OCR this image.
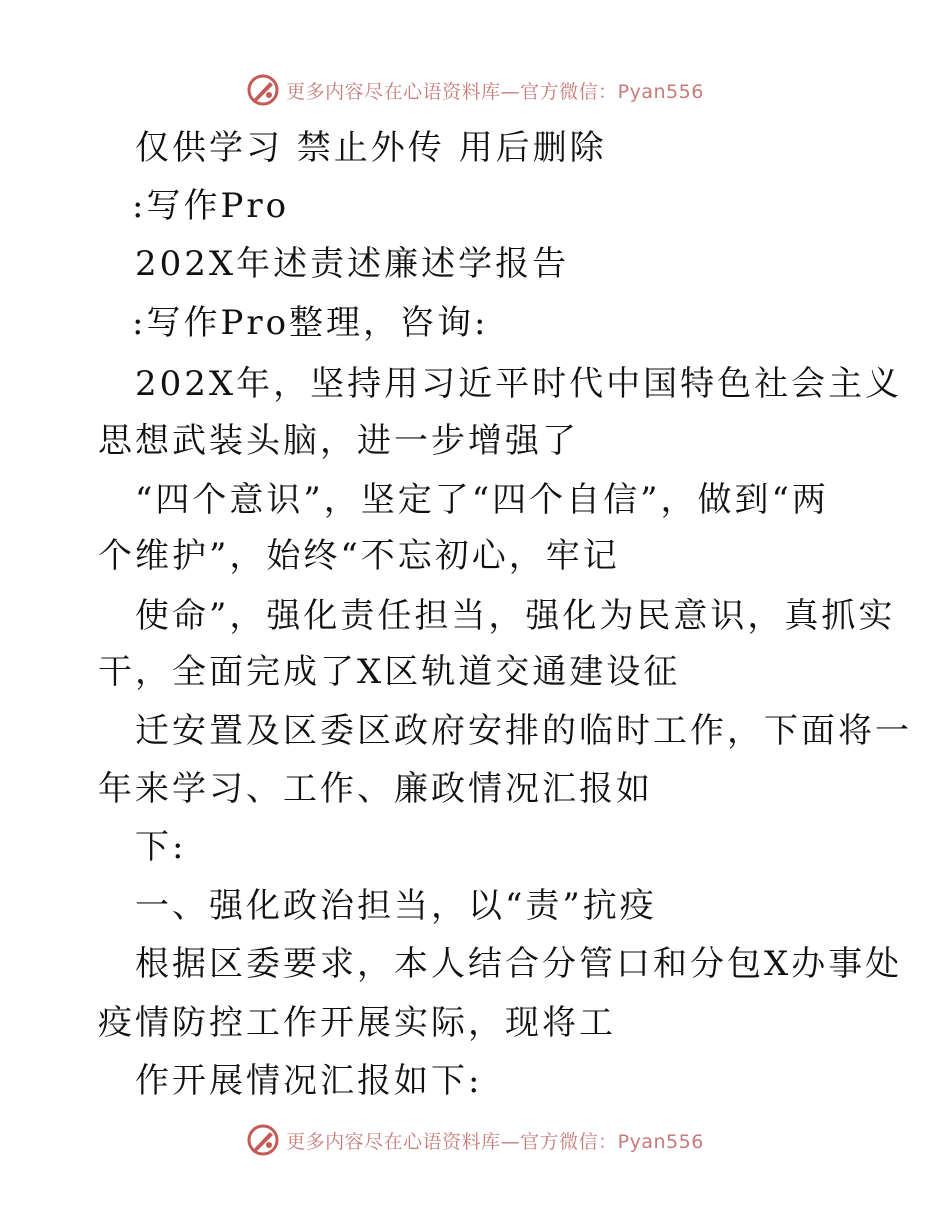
更多内容尽在心语资料库—官方微信：Pyan556
仅供学习 禁止外传 用后删除
:写作Pro
202X年述责述廉述学报告
:写作Pro整理，咨询:
202X年，坚持用习近平时代中国特色社会主义
思想武装头脑，进一步增强了
“四个意识”，坚定了“四个自信”，做到“两
个维护”，始终“不忘初心，牢记
使命”，强化责任担当，强化为民意识，真抓实
干，全面完成了X区轨道交通建设征
迁安置及区委区政府安排的临时工作，下面将一
年来学习、工作、廉政情况汇报如
下:
一、强化政治担当，以“责”抗疫
根据区委要求，本人结合分管口和分包X办事处
疫情防控工作开展实际，现将工
作开展情况汇报如下:
更多内容尽在心语资料库—官方微信：Pyan556
